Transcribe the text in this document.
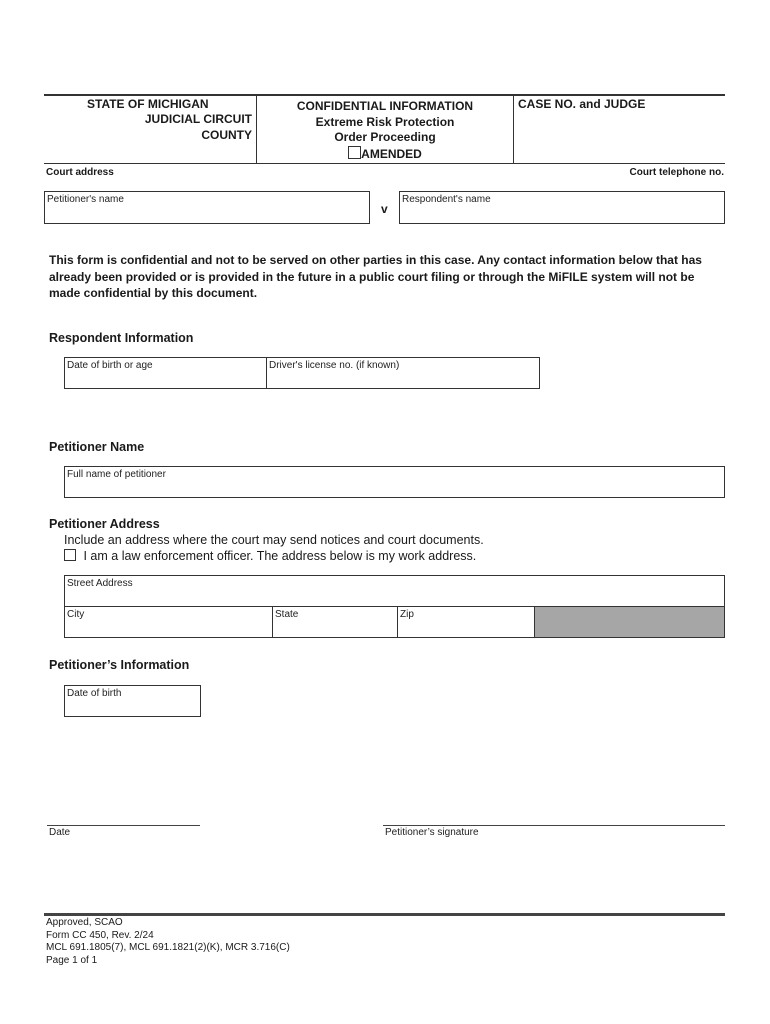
STATE OF MICHIGAN
JUDICIAL CIRCUIT
COUNTY
CONFIDENTIAL INFORMATION
Extreme Risk Protection
Order Proceeding
AMENDED
CASE NO. and JUDGE
Court address	Court telephone no.
Petitioner's name
v
Respondent's name
This form is confidential and not to be served on other parties in this case. Any contact information below that has already been provided or is provided in the future in a public court filing or through the MiFILE system will not be made confidential by this document.
Respondent Information
Date of birth or age	Driver's license no. (if known)
Petitioner Name
Full name of petitioner
Petitioner Address
Include an address where the court may send notices and court documents.
I am a law enforcement officer. The address below is my work address.
Street Address
City	State	Zip
Petitioner’s Information
Date of birth
Date	Petitioner’s signature
Approved, SCAO
Form CC 450, Rev. 2/24
MCL 691.1805(7), MCL 691.1821(2)(K), MCR 3.716(C)
Page 1 of 1
